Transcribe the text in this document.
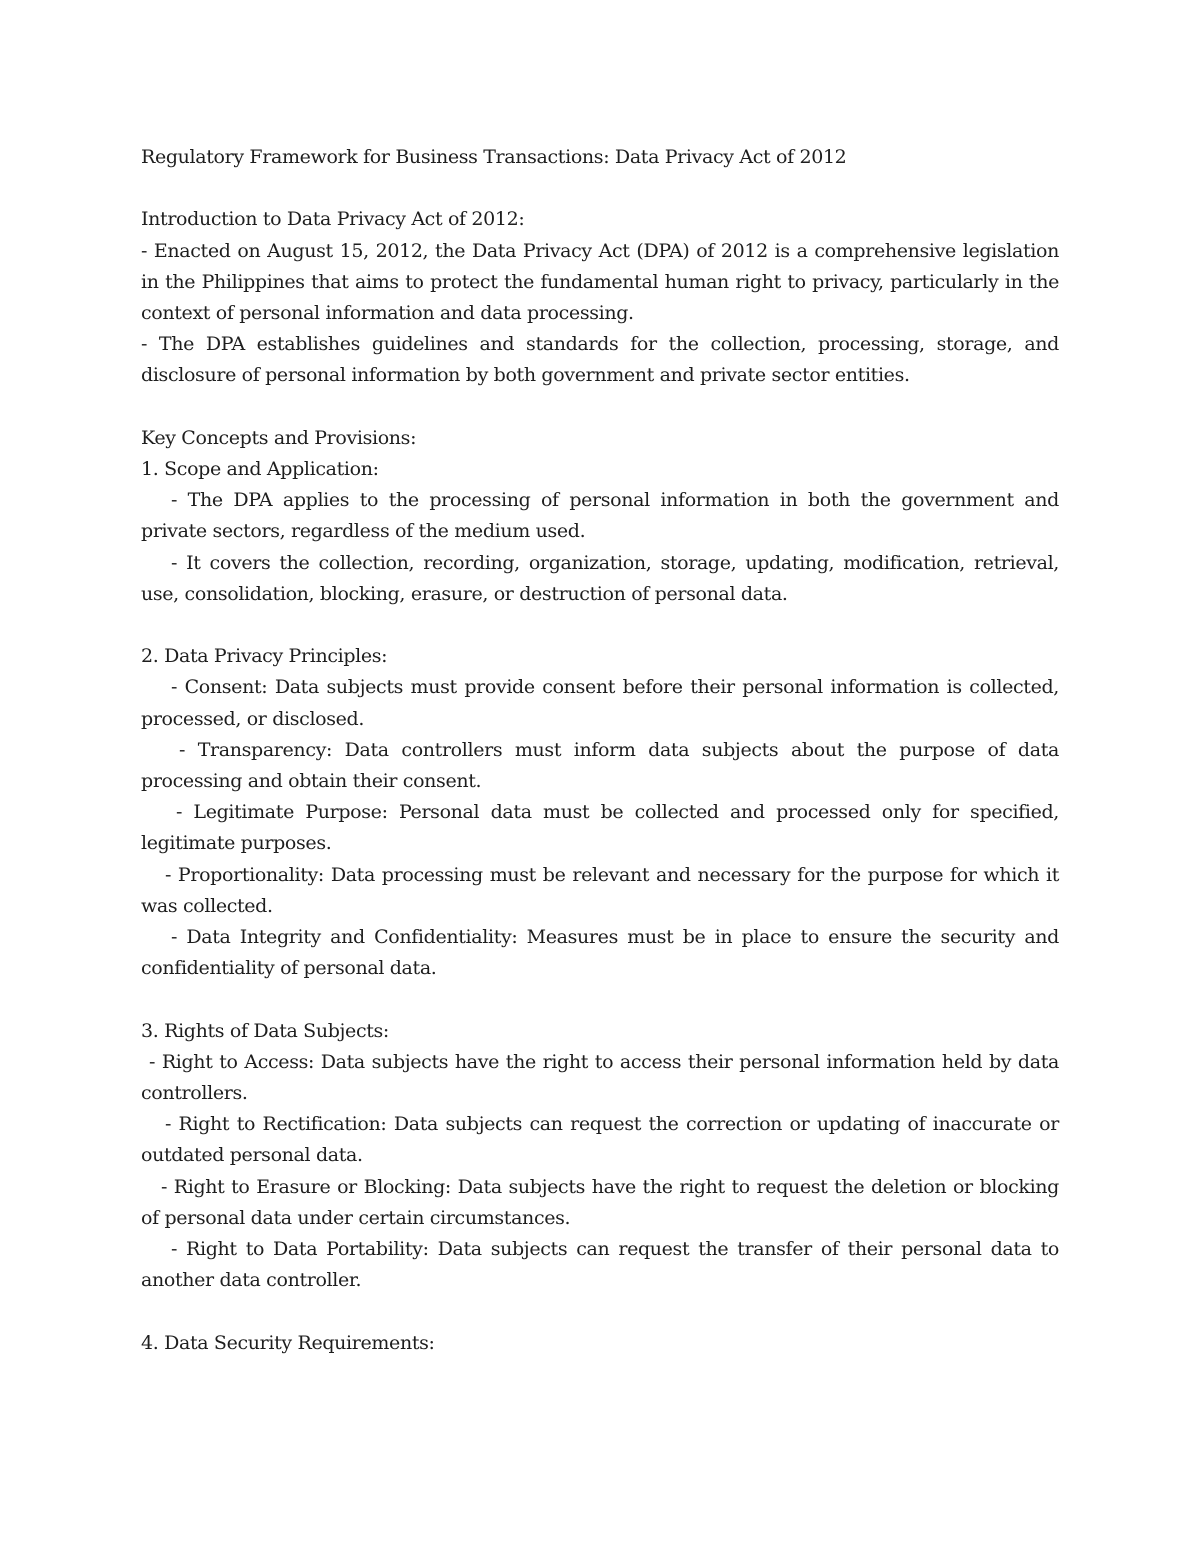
Regulatory Framework for Business Transactions: Data Privacy Act of 2012

Introduction to Data Privacy Act of 2012:

- Enacted on August 15, 2012, the Data Privacy Act (DPA) of 2012 is a comprehensive legislation in the Philippines that aims to protect the fundamental human right to privacy, particularly in the context of personal information and data processing.

- The DPA establishes guidelines and standards for the collection, processing, storage, and disclosure of personal information by both government and private sector entities.

Key Concepts and Provisions:

1. Scope and Application:

- The DPA applies to the processing of personal information in both the government and private sectors, regardless of the medium used.

- It covers the collection, recording, organization, storage, updating, modification, retrieval, use, consolidation, blocking, erasure, or destruction of personal data.

2. Data Privacy Principles:

- Consent: Data subjects must provide consent before their personal information is collected, processed, or disclosed.

- Transparency: Data controllers must inform data subjects about the purpose of data processing and obtain their consent.

- Legitimate Purpose: Personal data must be collected and processed only for specified, legitimate purposes.

- Proportionality: Data processing must be relevant and necessary for the purpose for which it was collected.

- Data Integrity and Confidentiality: Measures must be in place to ensure the security and confidentiality of personal data.

3. Rights of Data Subjects:

- Right to Access: Data subjects have the right to access their personal information held by data controllers.

- Right to Rectification: Data subjects can request the correction or updating of inaccurate or outdated personal data.

- Right to Erasure or Blocking: Data subjects have the right to request the deletion or blocking of personal data under certain circumstances.

- Right to Data Portability: Data subjects can request the transfer of their personal data to another data controller.

4. Data Security Requirements:
